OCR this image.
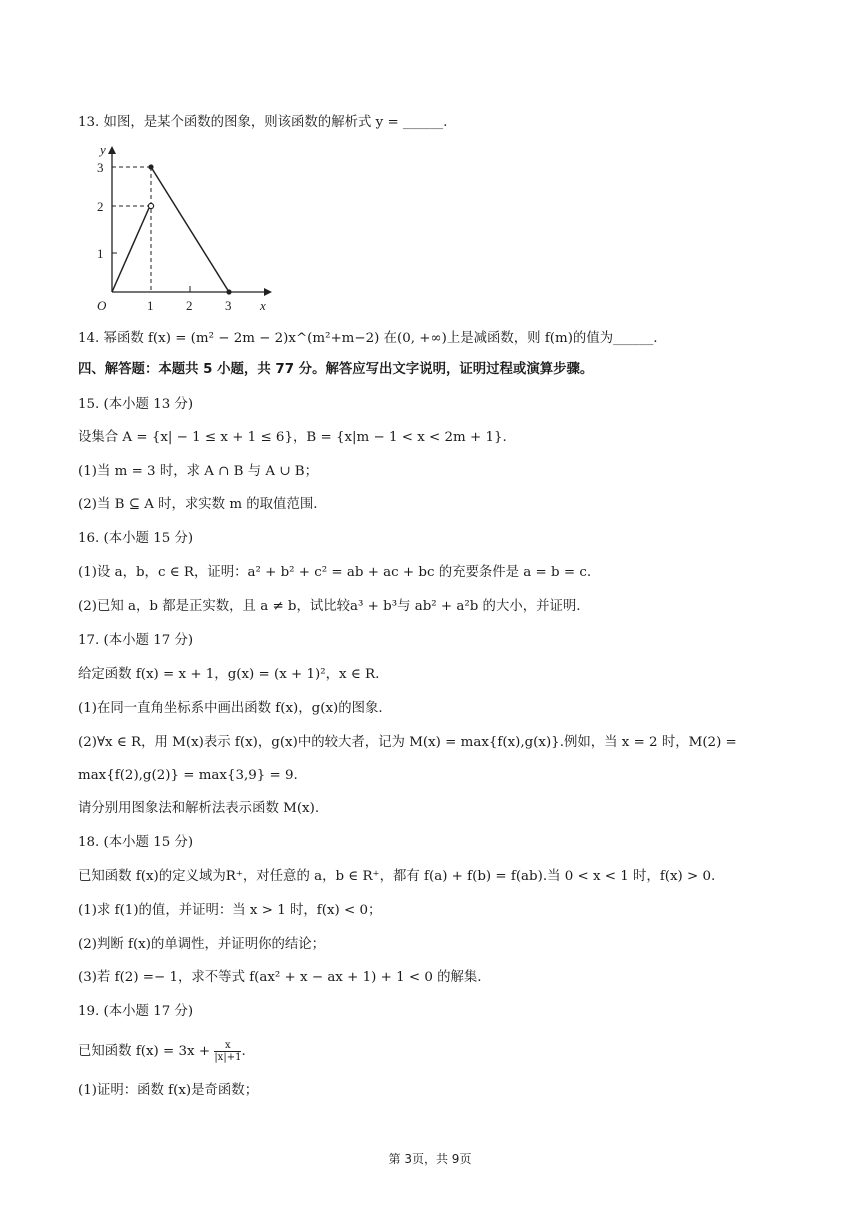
13. 如图，是某个函数的图象，则该函数的解析式 y = ______.
y
x
O
1
2
3
1	2	3
14. 幂函数 f(x) = (m² − 2m − 2)x^(m²+m−2) 在(0, +∞)上是减函数，则 f(m)的值为______.
四、解答题：本题共 5 小题，共 77 分。解答应写出文字说明，证明过程或演算步骤。
15. (本小题 13 分)
设集合 A = {x| − 1 ≤ x + 1 ≤ 6}，B = {x|m − 1 < x < 2m + 1}.
(1)当 m = 3 时，求 A ∩ B 与 A ∪ B；
(2)当 B ⊆ A 时，求实数 m 的取值范围.
16. (本小题 15 分)
(1)设 a，b，c ∈ R，证明：a² + b² + c² = ab + ac + bc 的充要条件是 a = b = c.
(2)已知 a，b 都是正实数，且 a ≠ b，试比较a³ + b³与 ab² + a²b 的大小，并证明.
17. (本小题 17 分)
给定函数 f(x) = x + 1，g(x) = (x + 1)²，x ∈ R.
(1)在同一直角坐标系中画出函数 f(x)，g(x)的图象.
(2)∀x ∈ R，用 M(x)表示 f(x)，g(x)中的较大者，记为 M(x) = max{f(x),g(x)}.例如，当 x = 2 时，M(2) =
max{f(2),g(2)} = max{3,9} = 9.
请分别用图象法和解析法表示函数 M(x).
18. (本小题 15 分)
已知函数 f(x)的定义域为R⁺，对任意的 a，b ∈ R⁺，都有 f(a) + f(b) = f(ab).当 0 < x < 1 时，f(x) > 0.
(1)求 f(1)的值，并证明：当 x > 1 时，f(x) < 0；
(2)判断 f(x)的单调性，并证明你的结论；
(3)若 f(2) =− 1，求不等式 f(ax² + x − ax + 1) + 1 < 0 的解集.
19. (本小题 17 分)
已知函数 $f(x) = 3x + \frac{x}{|x|+1}$ .
(1)证明：函数 f(x)是奇函数；
第 3页，共 9页
